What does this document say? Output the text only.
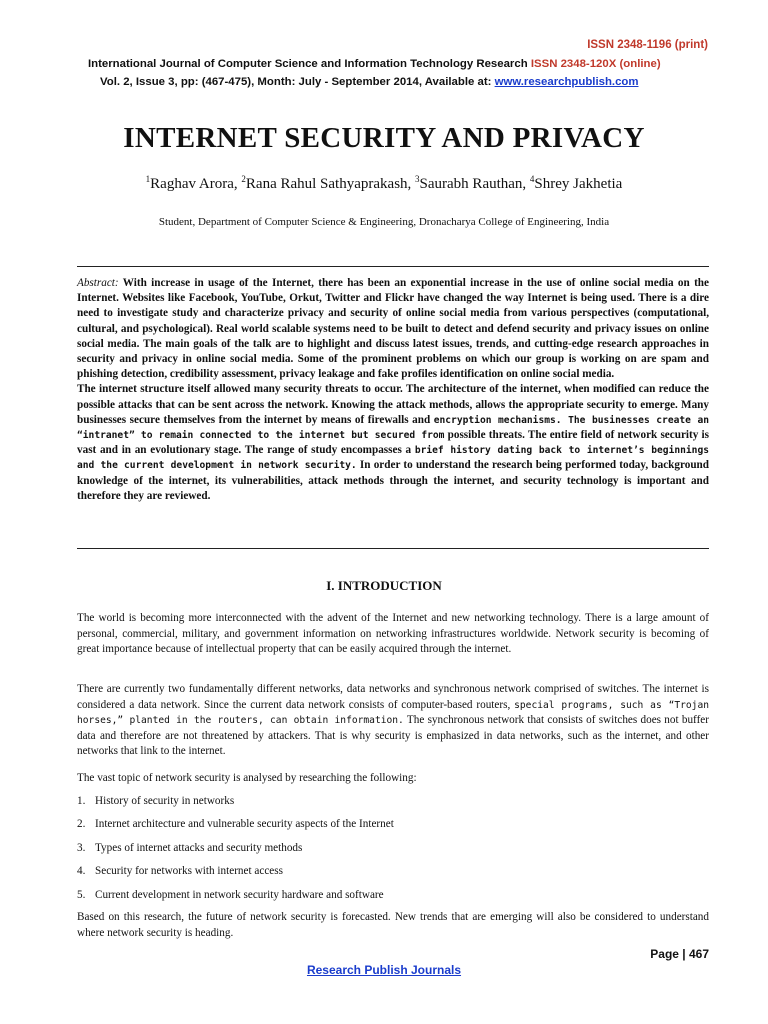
ISSN 2348-1196 (print)
International Journal of Computer Science and Information Technology Research ISSN 2348-120X (online)
Vol. 2, Issue 3, pp: (467-475), Month: July - September 2014, Available at: www.researchpublish.com
INTERNET SECURITY AND PRIVACY
$^1$Raghav Arora, $^2$Rana Rahul Sathyaprakash, $^3$Saurabh Rauthan, $^4$Shrey Jakhetia
Student, Department of Computer Science & Engineering, Dronacharya College of Engineering, India
Abstract: With increase in usage of the Internet, there has been an exponential increase in the use of online social media on the Internet. Websites like Facebook, YouTube, Orkut, Twitter and Flickr have changed the way Internet is being used. There is a dire need to investigate study and characterize privacy and security of online social media from various perspectives (computational, cultural, and psychological). Real world scalable systems need to be built to detect and defend security and privacy issues on online social media. The main goals of the talk are to highlight and discuss latest issues, trends, and cutting-edge research approaches in security and privacy in online social media. Some of the prominent problems on which our group is working on are spam and phishing detection, credibility assessment, privacy leakage and fake profiles identification on online social media.
The internet structure itself allowed many security threats to occur. The architecture of the internet, when modified can reduce the possible attacks that can be sent across the network. Knowing the attack methods, allows the appropriate security to emerge. Many businesses secure themselves from the internet by means of firewalls and encryption mechanisms. The businesses create an “intranet” to remain connected to the internet but secured from possible threats. The entire field of network security is vast and in an evolutionary stage. The range of study encompasses a brief history dating back to internet’s beginnings and the current development in network security. In order to understand the research being performed today, background knowledge of the internet, its vulnerabilities, attack methods through the internet, and security technology is important and therefore they are reviewed.
I. INTRODUCTION
The world is becoming more interconnected with the advent of the Internet and new networking technology. There is a large amount of personal, commercial, military, and government information on networking infrastructures worldwide. Network security is becoming of great importance because of intellectual property that can be easily acquired through the internet.
There are currently two fundamentally different networks, data networks and synchronous network comprised of switches. The internet is considered a data network. Since the current data network consists of computer-based routers, special programs, such as “Trojan horses,” planted in the routers, can obtain information. The synchronous network that consists of switches does not buffer data and therefore are not threatened by attackers. That is why security is emphasized in data networks, such as the internet, and other networks that link to the internet.
The vast topic of network security is analysed by researching the following:
1. History of security in networks
2. Internet architecture and vulnerable security aspects of the Internet
3. Types of internet attacks and security methods
4. Security for networks with internet access
5. Current development in network security hardware and software
Based on this research, the future of network security is forecasted. New trends that are emerging will also be considered to understand where network security is heading.
Page | 467
Research Publish Journals
